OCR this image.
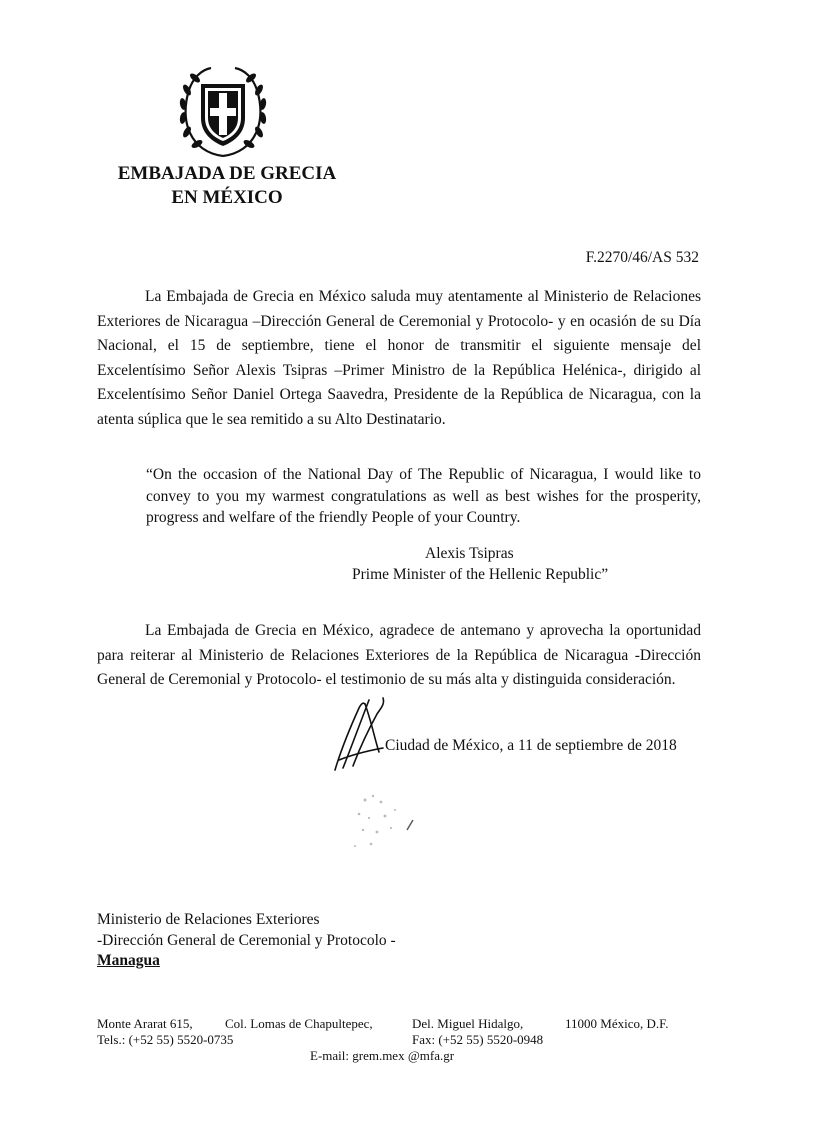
EMBAJADA DE GRECIA
EN MÉXICO
F.2270/46/AS 532

La Embajada de Grecia en México saluda muy atentamente al Ministerio de Relaciones Exteriores de Nicaragua –Dirección General de Ceremonial y Protocolo- y en ocasión de su Día Nacional, el 15 de septiembre, tiene el honor de transmitir el siguiente mensaje del Excelentísimo Señor Alexis Tsipras –Primer Ministro de la República Helénica-, dirigido al Excelentísimo Señor Daniel Ortega Saavedra, Presidente de la República de Nicaragua, con la atenta súplica que le sea remitido a su Alto Destinatario.

“On the occasion of the National Day of The Republic of Nicaragua, I would like to convey to you my warmest congratulations as well as best wishes for the prosperity, progress and welfare of the friendly People of your Country.

Alexis Tsipras
Prime Minister of the Hellenic Republic”

La Embajada de Grecia en México, agradece de antemano y aprovecha la oportunidad para reiterar al Ministerio de Relaciones Exteriores de la República de Nicaragua -Dirección General de Ceremonial y Protocolo- el testimonio de su más alta y distinguida consideración.

Ciudad de México, a 11 de septiembre de 2018
Ministerio de Relaciones Exteriores
-Dirección General de Ceremonial y Protocolo -
Managua
Monte Ararat 615, Col. Lomas de Chapultepec,	Del. Miguel Hidalgo,	11000 México, D.F.
Tels.: (+52 55) 5520-0735	Fax: (+52 55) 5520-0948
E-mail: grem.mex @mfa.gr
